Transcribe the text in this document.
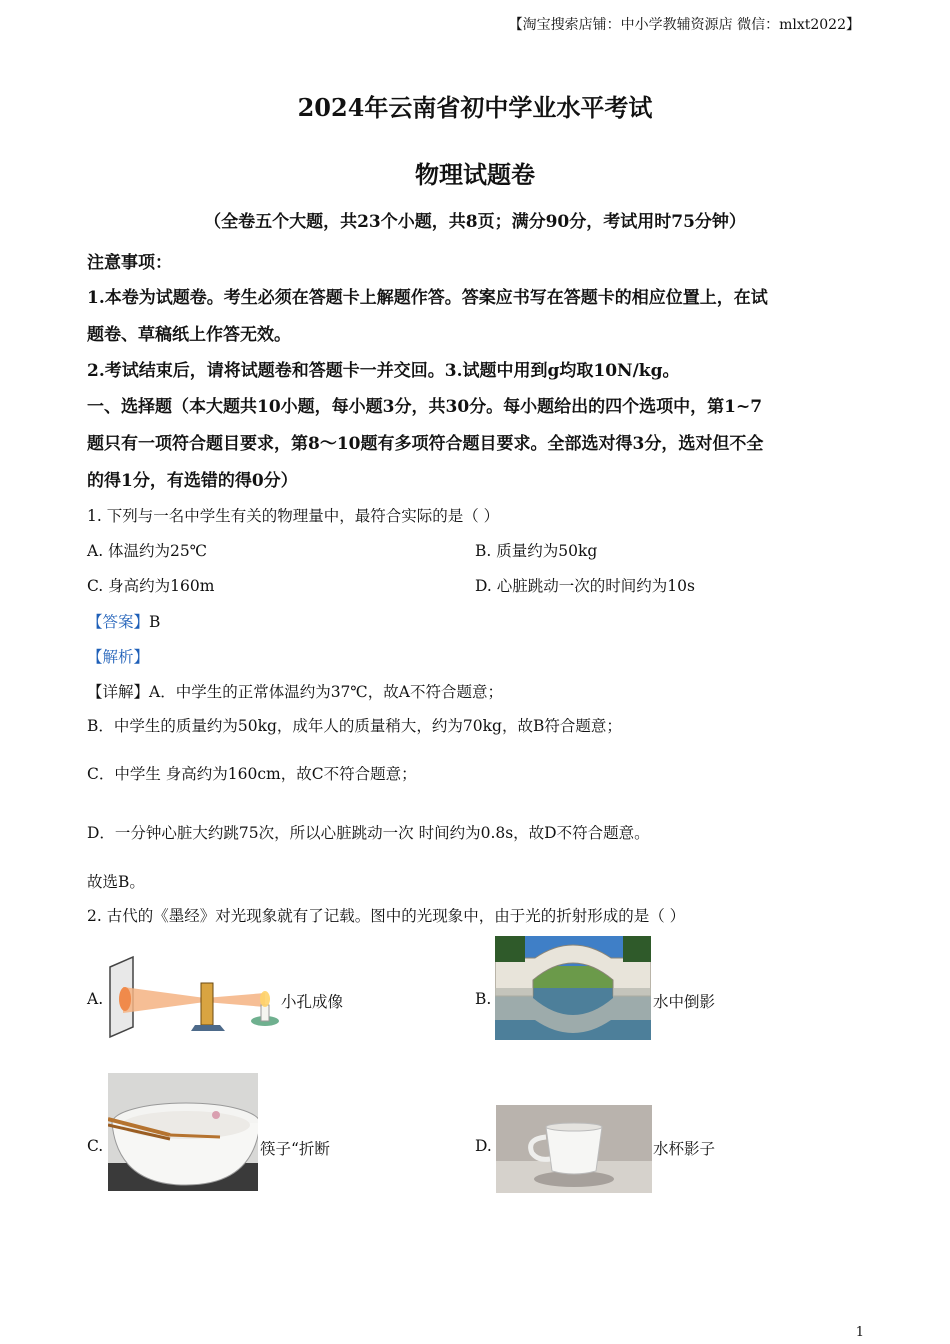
【淘宝搜索店铺：中小学教辅资源店 微信：mlxt2022】
2024年云南省初中学业水平考试
物理试题卷
（全卷五个大题，共23个小题，共8页；满分90分，考试用时75分钟）
注意事项：
1.本卷为试题卷。考生必须在答题卡上解题作答。答案应书写在答题卡的相应位置上，在试
题卷、草稿纸上作答无效。
2.考试结束后，请将试题卷和答题卡一并交回。3.试题中用到g均取10N/kg。
一、选择题（本大题共10小题，每小题3分，共30分。每小题给出的四个选项中，第1~7
题只有一项符合题目要求，第8～10题有多项符合题目要求。全部选对得3分，选对但不全
的得1分，有选错的得0分）
1. 下列与一名中学生有关的物理量中，最符合实际的是（ ）
A. 体温约为25℃	B. 质量约为50kg
C. 身高约为160m	D. 心脏跳动一次的时间约为10s
【答案】B
【解析】
【详解】A．中学生的正常体温约为37℃，故A不符合题意；
B．中学生的质量约为50kg，成年人的质量稍大，约为70kg，故B符合题意；
C．中学生 身高约为160cm，故C不符合题意；
D．一分钟心脏大约跳75次，所以心脏跳动一次 时间约为0.8s，故D不符合题意。
故选B。
2. 古代的《墨经》对光现象就有了记载。图中的光现象中，由于光的折射形成的是（ ）
A.	小孔成像	B.	水中倒影
C.	筷子“折断	D.	水杯影子
1
